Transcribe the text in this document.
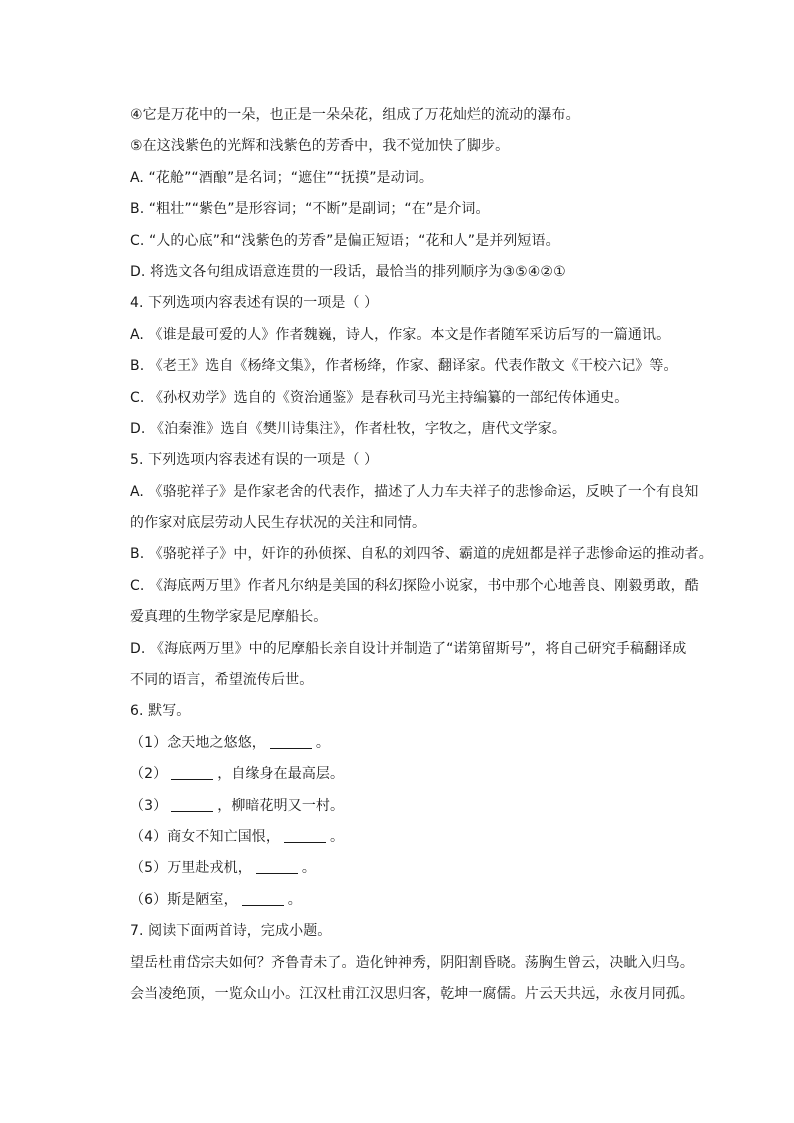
④它是万花中的一朵，也正是一朵朵花，组成了万花灿烂的流动的瀑布。
⑤在这浅紫色的光辉和浅紫色的芳香中，我不觉加快了脚步。
A. “花舱”“酒酿”是名词；“遮住”“抚摸”是动词。
B. “粗壮”“紫色”是形容词；“不断”是副词；“在”是介词。
C. “人的心底”和“浅紫色的芳香”是偏正短语；“花和人”是并列短语。
D. 将选文各句组成语意连贯的一段话，最恰当的排列顺序为③⑤④②①
4. 下列选项内容表述有误的一项是（ ）
A. 《谁是最可爱的人》作者魏巍，诗人，作家。本文是作者随军采访后写的一篇通讯。
B. 《老王》选自《杨绛文集》，作者杨绛，作家、翻译家。代表作散文《干校六记》等。
C. 《孙权劝学》选自的《资治通鉴》是春秋司马光主持编纂的一部纪传体通史。
D. 《泊秦淮》选自《樊川诗集注》，作者杜牧，字牧之，唐代文学家。
5. 下列选项内容表述有误的一项是（ ）
A. 《骆驼祥子》是作家老舍的代表作，描述了人力车夫祥子的悲惨命运，反映了一个有良知
的作家对底层劳动人民生存状况的关注和同情。
B. 《骆驼祥子》中，奸诈的孙侦探、自私的刘四爷、霸道的虎妞都是祥子悲惨命运的推动者。
C. 《海底两万里》作者凡尔纳是美国的科幻探险小说家，书中那个心地善良、刚毅勇敢，酷
爱真理的生物学家是尼摩船长。
D. 《海底两万里》中的尼摩船长亲自设计并制造了“诺第留斯号”，将自己研究手稿翻译成
不同的语言，希望流传后世。
6. 默写。
（1）念天地之悠悠，	。
（2）	，自缘身在最高层。
（3）	，柳暗花明又一村。
（4）商女不知亡国恨，	。
（5）万里赴戎机，	。
（6）斯是陋室，	。
7. 阅读下面两首诗，完成小题。
望岳杜甫岱宗夫如何？齐鲁青未了。造化钟神秀，阴阳割昏晓。荡胸生曾云，决眦入归鸟。
会当凌绝顶，一览众山小。江汉杜甫江汉思归客，乾坤一腐儒。片云天共远，永夜月同孤。
